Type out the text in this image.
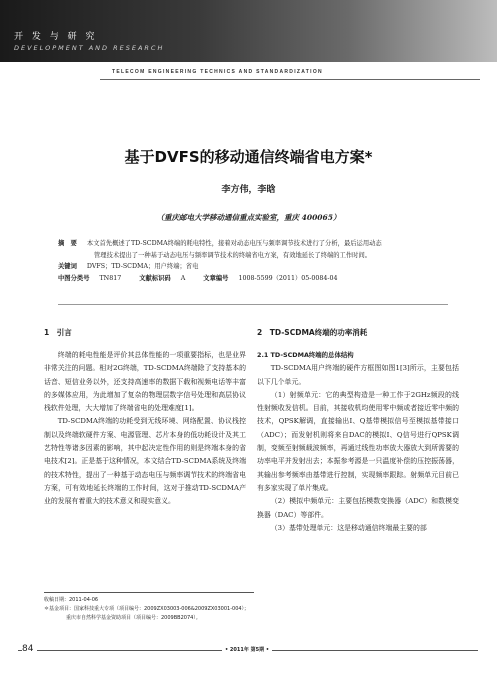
开 发 与 研 究
DEVELOPMENT AND RESEARCH
TELECOM ENGINEERING TECHNICS AND STANDARDIZATION
基于DVFS的移动通信终端省电方案*
李方伟，李晗
（重庆邮电大学移动通信重点实验室，重庆 400065）
摘　要 本文首先概述了TD-SCDMA终端的耗电特性，接着对动态电压与频率调节技术进行了分析，最后运用动态
管理技术提出了一种基于动态电压与频率调节技术的终端省电方案，有效地延长了终端的工作时间。
关键词 DVFS；TD-SCDMA；用户终端；省电
中图分类号 TN817	文献标识码 A	文章编号 1008-5599（2011）05-0084-04
1　引言	2　TD-SCDMA终端的功率消耗

终端的耗电性能是评价其总体性能的一项重要指标，也是业界非常关注的问题。相对2G终端，TD-SCDMA终端除了支持基本的话音、短信业务以外，还支持高速率的数据下载和视频电话等丰富的多媒体应用，为此增加了复杂的物理层数字信号处理和高层协议栈软件处理，大大增加了终端省电的处理难度[1]。

TD-SCDMA终端的功耗受到无线环境、网络配置、协议栈控制以及终端软硬件方案、电源管理、芯片本身的低功耗设计及其工艺特性等诸多因素的影响，其中起决定性作用的则是终端本身的省电技术[2]。正是基于这种情况，本文结合TD-SCDMA系统及终端的技术特性，提出了一种基于动态电压与频率调节技术的终端省电方案，可有效地延长终端的工作时间，这对于推动TD-SCDMA产业的发展有着重大的技术意义和现实意义。

2.1 TD-SCDMA终端的总体结构

TD-SCDMA用户终端的硬件方框图如图1[3]所示，主要包括以下几个单元。

（1）射频单元：它的典型构造是一种工作于2GHz频段的线性射频收发信机。目前，其接收机均使用零中频或者接近零中频的技术，QPSK解调，直接输出I、Q基带模拟信号至模拟基带接口（ADC）；而发射机则将来自DAC的模拟I、Q信号进行QPSK调制，变频至射频载波频率，再通过线性功率放大器放大到所需要的功率电平并发射出去；本振参考源是一只温度补偿的压控振荡器，其输出参考频率由基带进行控制，实现频率跟踪。射频单元目前已有多家实现了单片集成。

（2）模拟中频单元：主要包括模数变换器（ADC）和数模变换器（DAC）等部件。

（3）基带处理单元：这是移动通信终端最主要的部

收稿日期：2011-04-06
＊基金项目：国家科技重大专项（项目编号：2009ZX03003-006&2009ZX03001-004）；
重庆市自然科学基金资助项目（项目编号：2009BB2074）。
84	• 2011年 第5期 •
